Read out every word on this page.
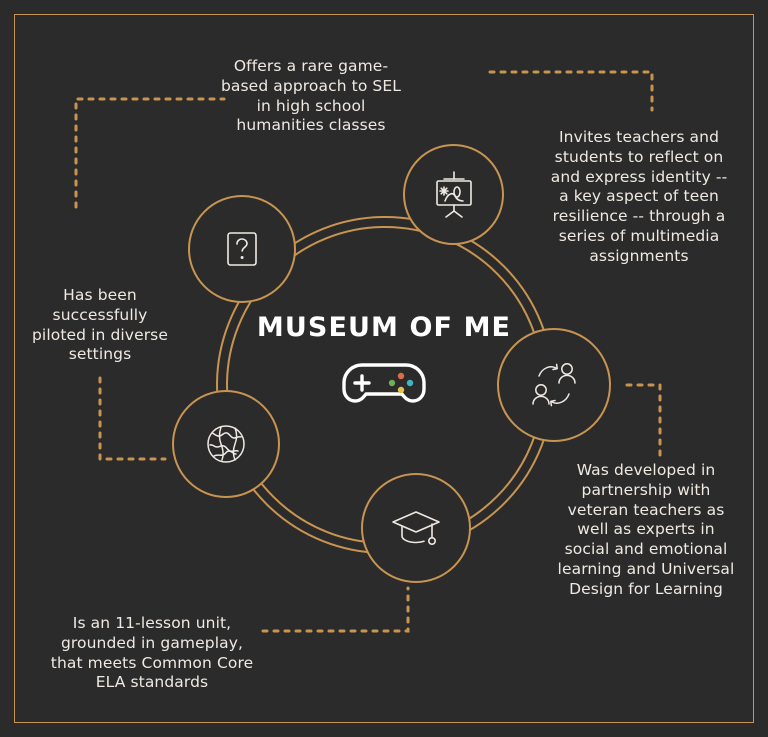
MUSEUM OF ME
Offers a rare game-based approach to SEL in high school humanities classes
Invites teachers and students to reflect on and express identity -- a key aspect of teen resilience -- through a series of multimedia assignments
Has been successfully piloted in diverse settings
Was developed in partnership with veteran teachers as well as experts in social and emotional learning and Universal Design for Learning
Is an 11-lesson unit, grounded in gameplay, that meets Common Core ELA standards
